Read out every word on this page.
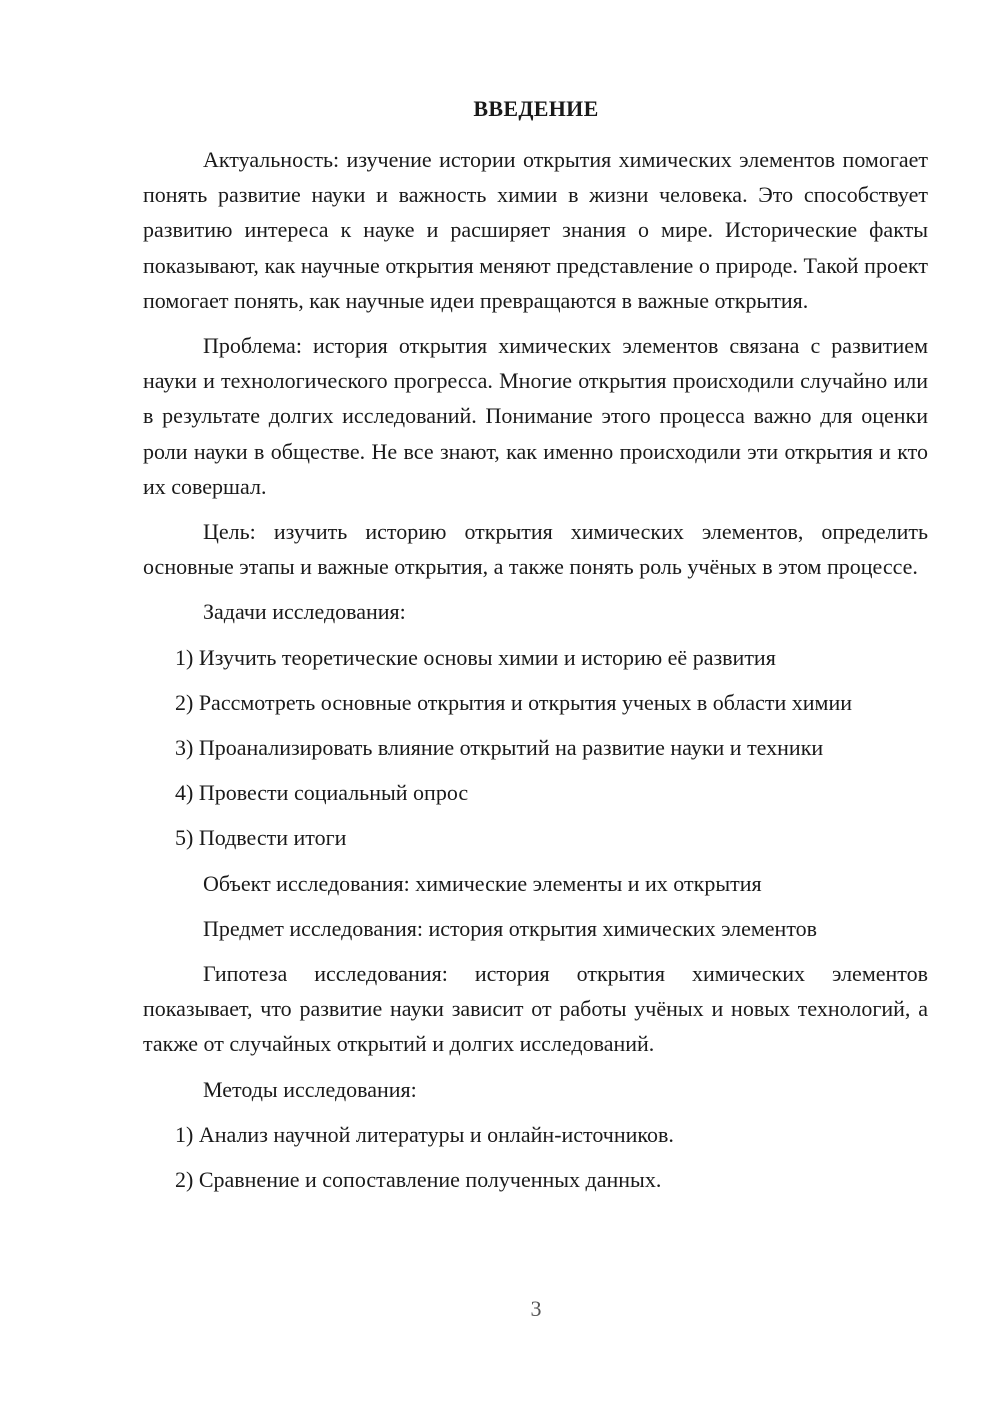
ВВЕДЕНИЕ

Актуальность: изучение истории открытия химических элементов помогает понять развитие науки и важность химии в жизни человека. Это способствует развитию интереса к науке и расширяет знания о мире. Исторические факты показывают, как научные открытия меняют представление о природе. Такой проект помогает понять, как научные идеи превращаются в важные открытия.

Проблема: история открытия химических элементов связана с развитием науки и технологического прогресса. Многие открытия происходили случайно или в результате долгих исследований. Понимание этого процесса важно для оценки роли науки в обществе. Не все знают, как именно происходили эти открытия и кто их совершал.

Цель: изучить историю открытия химических элементов, определить основные этапы и важные открытия, а также понять роль учёных в этом процессе.

Задачи исследования:

1) Изучить теоретические основы химии и историю её развития

2) Рассмотреть основные открытия и открытия ученых в области химии

3) Проанализировать влияние открытий на развитие науки и техники

4) Провести социальный опрос

5) Подвести итоги

Объект исследования: химические элементы и их открытия

Предмет исследования: история открытия химических элементов

Гипотеза исследования: история открытия химических элементов показывает, что развитие науки зависит от работы учёных и новых технологий, а также от случайных открытий и долгих исследований.

Методы исследования:

1) Анализ научной литературы и онлайн-источников.

2) Сравнение и сопоставление полученных данных.

3
